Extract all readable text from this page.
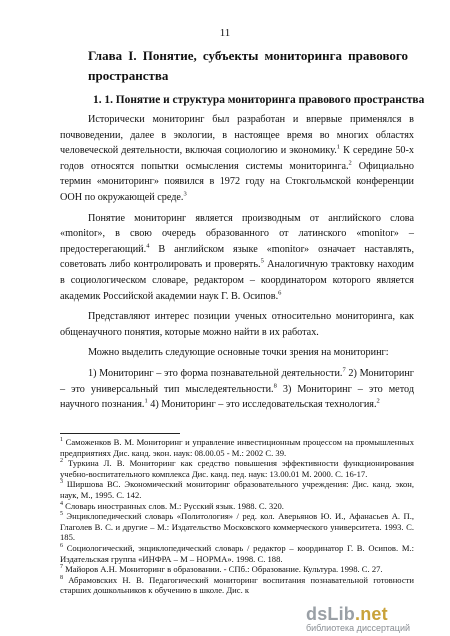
11
Глава I. Понятие, субъекты мониторинга правового пространства
1. 1. Понятие и структура мониторинга правового пространства

Исторически мониторинг был разработан и впервые применялся в почвоведении, далее в экологии, в настоящее время во многих областях человеческой деятельности, включая социологию и экономику.$^1$ К середине 50-х годов относятся попытки осмысления системы мониторинга.$^2$ Официально термин «мониторинг» появился в 1972 году на Стокгольмской конференции ООН по окружающей среде.$^3$

Понятие мониторинг является производным от английского слова «monitor», в свою очередь образованного от латинского «monitor» – предостерегающий.$^4$ В английском языке «monitor» означает наставлять, советовать либо контролировать и проверять.$^5$ Аналогичную трактовку находим в социологическом словаре, редактором – координатором которого является академик Российской академии наук Г. В. Осипов.$^6$

Представляют интерес позиции ученых относительно мониторинга, как общенаучного понятия, которые можно найти в их работах.

Можно выделить следующие основные точки зрения на мониторинг:

1) Мониторинг – это форма познавательной деятельности.$^7$ 2) Мониторинг – это универсальный тип мыследеятельности.$^8$ 3) Мониторинг – это метод научного познания.$^1$ 4) Мониторинг – это исследовательская технология.$^2$

$^1$ Саможенков В. М. Мониторинг и управление инвестиционным процессом на промышленных предприятиях Дис. канд. экон. наук: 08.00.05 - М.: 2002 С. 39.

$^2$ Туркина Л. В. Мониторинг как средство повышения эффективности функционирования учебно-воспитательного комплекса Дис. канд. пед. наук: 13.00.01 М. 2000. С. 16-17.

$^3$ Ширшова ВС. Экономический мониторинг образовательного учреждения: Дис. канд. экон, наук, М., 1995. С. 142.

$^4$ Словарь иностранных слов. М.: Русский язык. 1988. С. 320.

$^5$ Энциклопедический словарь «Политология» / ред. кол. Аверьянов Ю. И., Афанасьев А. П., Глаголев В. С. и другие – М.: Издательство Московского коммерческого университета. 1993. С. 185.

$^6$ Социологический, энциклопедический словарь / редактор – координатор Г. В. Осипов. М.: Издательская группа «ИНФРА – М – НОРМА». 1998. С. 188.

$^7$ Майоров А.Н. Мониторинг в образовании. - СПб.: Образование. Культура. 1998. С. 27.

$^8$ Абрамовских Н. В. Педагогический мониторинг воспитания познавательной готовности старших дошкольников к обучению в школе. Дис. к

dsLib.net
библиотека диссертаций
